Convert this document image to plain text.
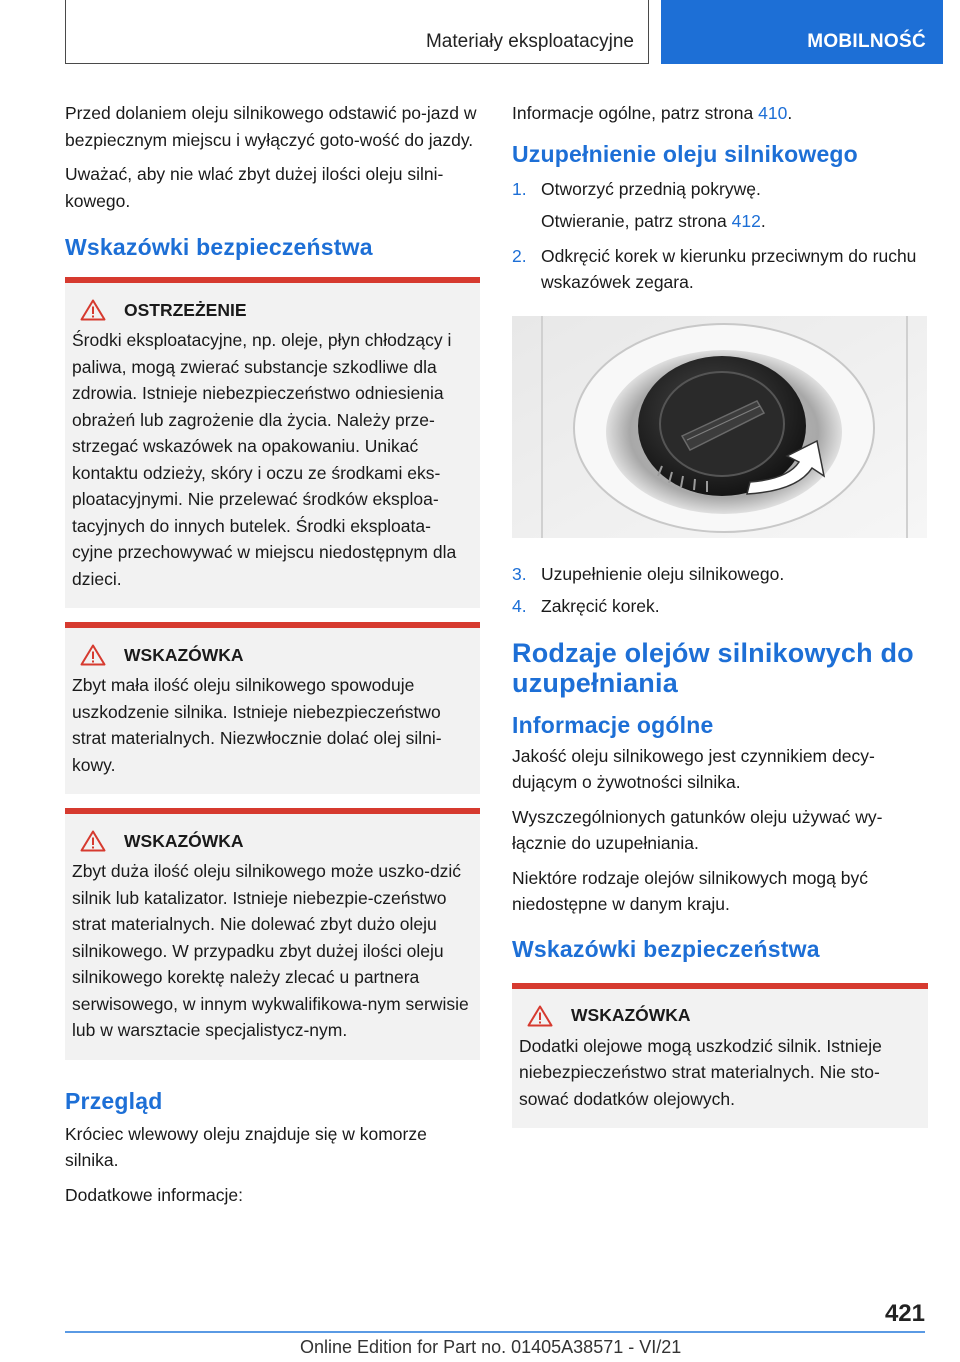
Materiały eksploatacyjne	MOBILNOŚĆ

Przed dolaniem oleju silnikowego odstawić po-jazd w bezpiecznym miejscu i wyłączyć goto-wość do jazdy.

Uważać, aby nie wlać zbyt dużej ilości oleju silni-kowego.

Wskazówki bezpieczeństwa
OSTRZEŻENIE

Środki eksploatacyjne, np. oleje, płyn chłodzący i paliwa, mogą zwierać substancje szkodliwe dla zdrowia. Istnieje niebezpieczeństwo odniesienia obrażeń lub zagrożenie dla życia. Należy prze-strzegać wskazówek na opakowaniu. Unikać kontaktu odzieży, skóry i oczu ze środkami eks-ploatacyjnymi. Nie przelewać środków eksploa-tacyjnych do innych butelek. Środki eksploata-cyjne przechowywać w miejscu niedostępnym dla dzieci.

WSKAZÓWKA

Zbyt mała ilość oleju silnikowego spowoduje uszkodzenie silnika. Istnieje niebezpieczeństwo strat materialnych. Niezwłocznie dolać olej silni-kowy.

WSKAZÓWKA

Zbyt duża ilość oleju silnikowego może uszko-dzić silnik lub katalizator. Istnieje niebezpie-czeństwo strat materialnych. Nie dolewać zbyt dużo oleju silnikowego. W przypadku zbyt dużej ilości oleju silnikowego korektę należy zlecać u partnera serwisowego, w innym wykwalifikowa-nym serwisie lub w warsztacie specjalistycz-nym.

Przegląd

Króciec wlewowy oleju znajduje się w komorze silnika.

Dodatkowe informacje:

Informacje ogólne, patrz strona 410.

Uzupełnienie oleju silnikowego
1. Otworzyć przednią pokrywę.

Otwieranie, patrz strona 412.

2. Odkręcić korek w kierunku przeciwnym do ruchu wskazówek zegara.
3. Uzupełnienie oleju silnikowego.
4. Zakręcić korek.
Rodzaje olejów silnikowych do uzupełniania
Informacje ogólne

Jakość oleju silnikowego jest czynnikiem decy-dującym o żywotności silnika.

Wyszczególnionych gatunków oleju używać wy-łącznie do uzupełniania.

Niektóre rodzaje olejów silnikowych mogą być niedostępne w danym kraju.

Wskazówki bezpieczeństwa
WSKAZÓWKA

Dodatki olejowe mogą uszkodzić silnik. Istnieje niebezpieczeństwo strat materialnych. Nie sto-sować dodatków olejowych.

421
Online Edition for Part no. 01405A38571 - VI/21
